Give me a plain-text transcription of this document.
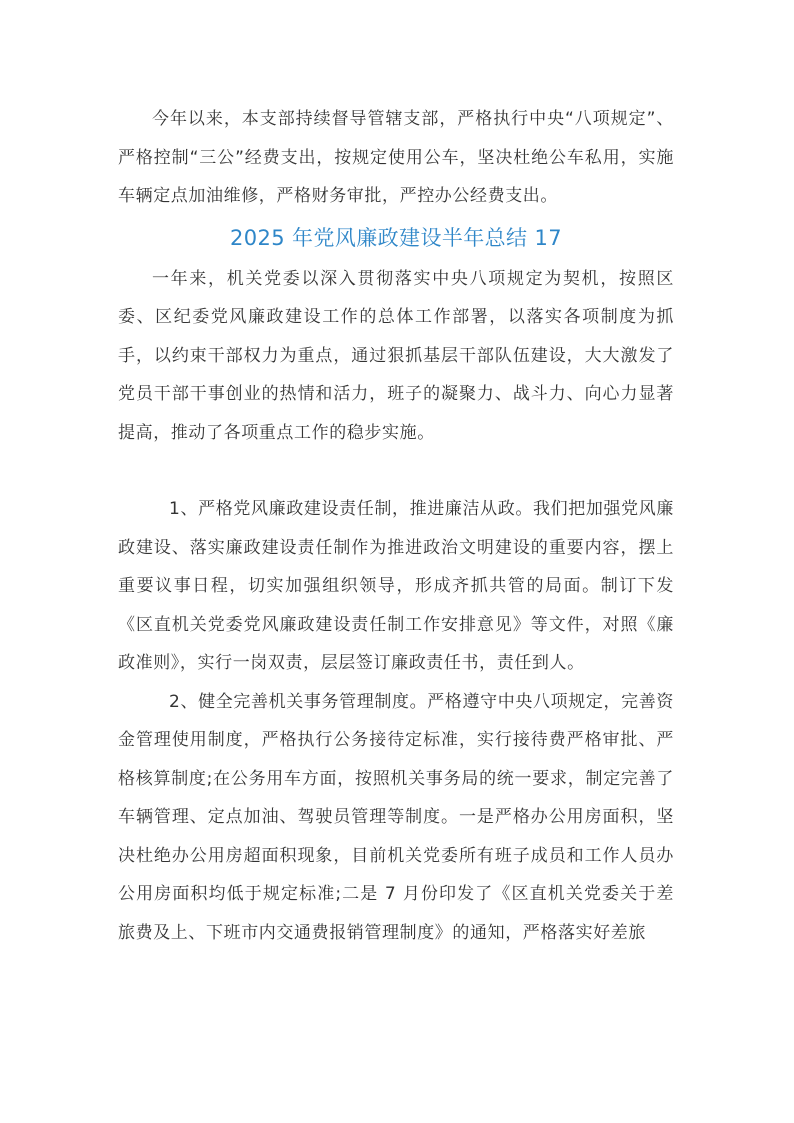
今年以来，本支部持续督导管辖支部，严格执行中央“八项规定”、严格控制“三公”经费支出，按规定使用公车，坚决杜绝公车私用，实施车辆定点加油维修，严格财务审批，严控办公经费支出。

2025 年党风廉政建设半年总结 17

一年来，机关党委以深入贯彻落实中央八项规定为契机，按照区委、区纪委党风廉政建设工作的总体工作部署，以落实各项制度为抓手，以约束干部权力为重点，通过狠抓基层干部队伍建设，大大激发了党员干部干事创业的热情和活力，班子的凝聚力、战斗力、向心力显著提高，推动了各项重点工作的稳步实施。

1、严格党风廉政建设责任制，推进廉洁从政。我们把加强党风廉政建设、落实廉政建设责任制作为推进政治文明建设的重要内容，摆上重要议事日程，切实加强组织领导，形成齐抓共管的局面。制订下发《区直机关党委党风廉政建设责任制工作安排意见》等文件，对照《廉政准则》，实行一岗双责，层层签订廉政责任书，责任到人。

2、健全完善机关事务管理制度。严格遵守中央八项规定，完善资金管理使用制度，严格执行公务接待定标准，实行接待费严格审批、严格核算制度;在公务用车方面，按照机关事务局的统一要求，制定完善了车辆管理、定点加油、驾驶员管理等制度。一是严格办公用房面积，坚决杜绝办公用房超面积现象，目前机关党委所有班子成员和工作人员办公用房面积均低于规定标准;二是 7 月份印发了《区直机关党委关于差旅费及上、下班市内交通费报销管理制度》的通知，严格落实好差旅
